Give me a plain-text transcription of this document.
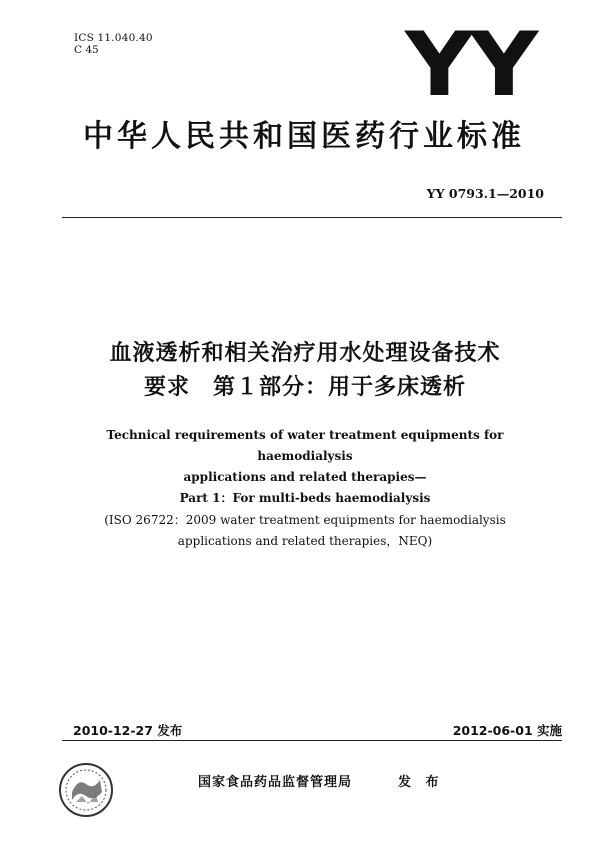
ICS 11.040.40
C 45	YY
中华人民共和国医药行业标准
YY 0793.1—2010
血液透析和相关治疗用水处理设备技术
要求　第１部分：用于多床透析
Technical requirements of water treatment equipments for haemodialysis
applications and related therapies—
Part 1：For multi-beds haemodialysis
(ISO 26722：2009 water treatment equipments for haemodialysis
applications and related therapies，NEQ)
2010-12-27 发布	2012-06-01 实施
国家食品药品监督管理局	发 布
